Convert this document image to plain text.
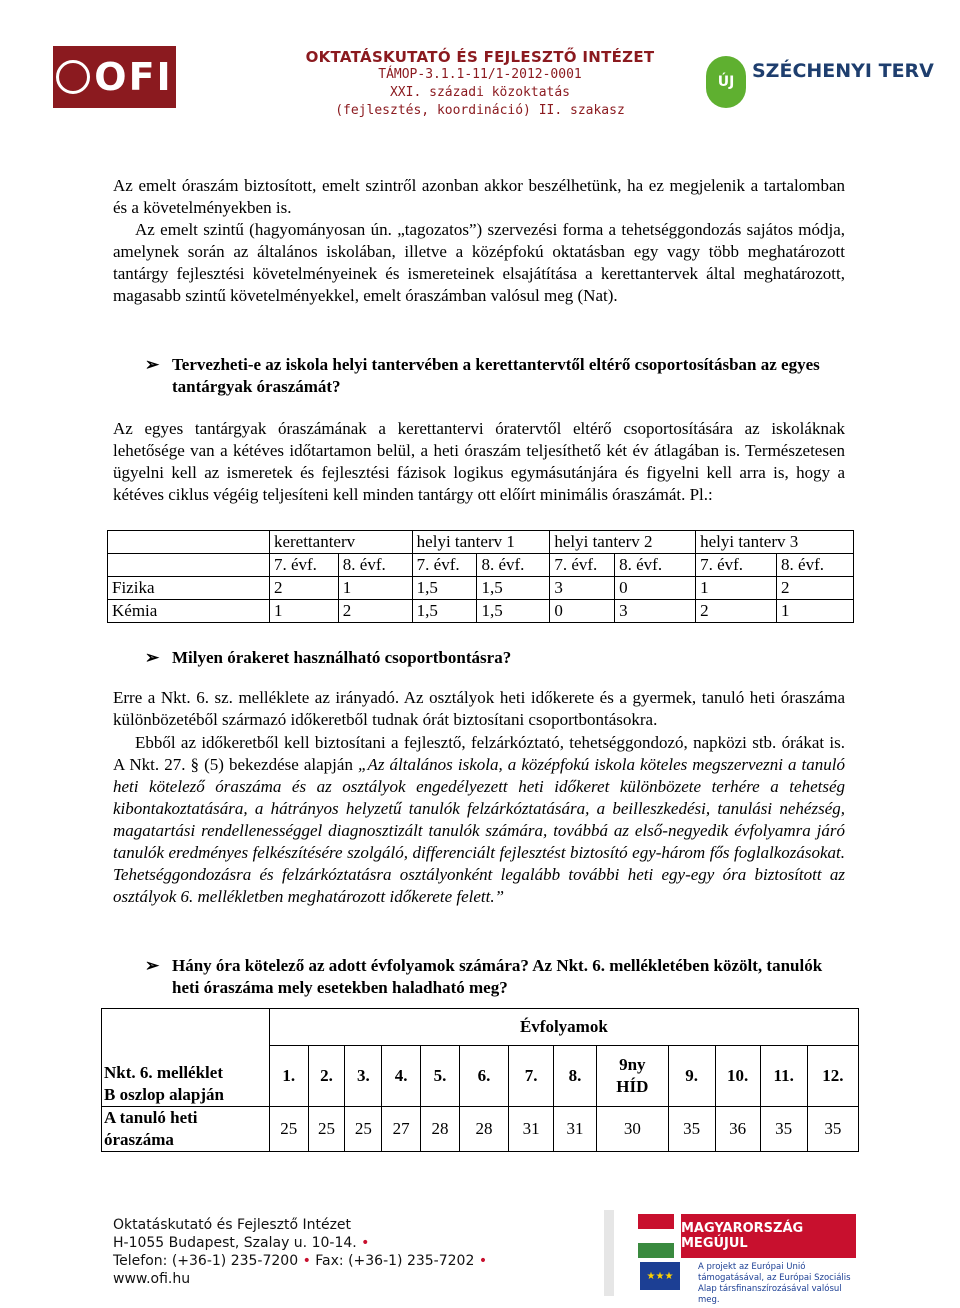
OFI	OKTATÁSKUTATÓ ÉS FEJLESZTŐ INTÉZET
TÁMOP-3.1.1-11/1-2012-0001
XXI. századi közoktatás
(fejlesztés, koordináció) II. szakasz
ÚJ SZÉCHENYI TERV
Az emelt óraszám biztosított, emelt szintről azonban akkor beszélhetünk, ha ez megjelenik a tartalomban és a követelményekben is.
Az emelt szintű (hagyományosan ún. „tagozatos”) szervezési forma a tehetséggondozás sajátos módja, amelynek során az általános iskolában, illetve a középfokú oktatásban egy vagy több meghatározott tantárgy fejlesztési követelményeinek és ismereteinek elsajátítása a kerettantervek által meghatározott, magasabb szintű követelményekkel, emelt óraszámban valósul meg (Nat).
➢ Tervezheti-e az iskola helyi tantervében a kerettantervtől eltérő csoportosításban az egyes tantárgyak óraszámát?
Az egyes tantárgyak óraszámának a kerettantervi óratervtől eltérő csoportosítására az iskoláknak lehetősége van a kétéves időtartamon belül, a heti óraszám teljesíthető két év átlagában is. Természetesen ügyelni kell az ismeretek és fejlesztési fázisok logikus egymásutánjára és figyelni kell arra is, hogy a kétéves ciklus végéig teljesíteni kell minden tantárgy ott előírt minimális óraszámát. Pl.:
	kerettanterv		helyi tanterv 1		helyi tanterv 2		helyi tanterv 3	
	7. évf.	8. évf.	7. évf.	8. évf.	7. évf.	8. évf.	7. évf.	8. évf.
Fizika	2	1	1,5	1,5	3	0	1	2
Kémia	1	2	1,5	1,5	0	3	2	1
➢ Milyen órakeret használható csoportbontásra?
Erre a Nkt. 6. sz. melléklete az irányadó. Az osztályok heti időkerete és a gyermek, tanuló heti óraszáma különbözetéből származó időkeretből tudnak órát biztosítani csoportbontásokra.
Ebből az időkeretből kell biztosítani a fejlesztő, felzárkóztató, tehetséggondozó, napközi stb. órákat is. A Nkt. 27. § (5) bekezdése alapján „Az általános iskola, a középfokú iskola köteles megszervezni a tanuló heti kötelező óraszáma és az osztályok engedélyezett heti időkeret különbözete terhére a tehetség kibontakoztatására, a hátrányos helyzetű tanulók felzárkóztatására, a beilleszkedési, tanulási nehézség, magatartási rendellenességgel diagnosztizált tanulók számára, továbbá az első-negyedik évfolyamra járó tanulók eredményes felkészítésére szolgáló, differenciált fejlesztést biztosító egy-három fős foglalkozásokat. Tehetséggondozásra és felzárkóztatásra osztályonként legalább további heti egy-egy óra biztosított az osztályok 6. mellékletben meghatározott időkerete felett.”
➢ Hány óra kötelező az adott évfolyamok számára? Az Nkt. 6. mellékletében közölt, tanulók heti óraszáma mely esetekben haladható meg?
	Évfolyamok												
Nkt. 6. melléklet
B oszlop alapján	1.	2.	3.	4.	5.	6.	7.	8.	9ny HÍD	9.	10.	11.	12.
A tanuló heti
óraszáma	25	25	25	27	28	28	31	31	30	35	36	35	35
Oktatáskutató és Fejlesztő Intézet
H-1055 Budapest, Szalay u. 10-14. •
Telefon: (+36-1) 235-7200 • Fax: (+36-1) 235-7202 •
www.ofi.hu
MAGYARORSZÁG MEGÚJUL
★★★
A projekt az Európai Unió támogatásával, az Európai Szociális Alap társfinanszírozásával valósul meg.
